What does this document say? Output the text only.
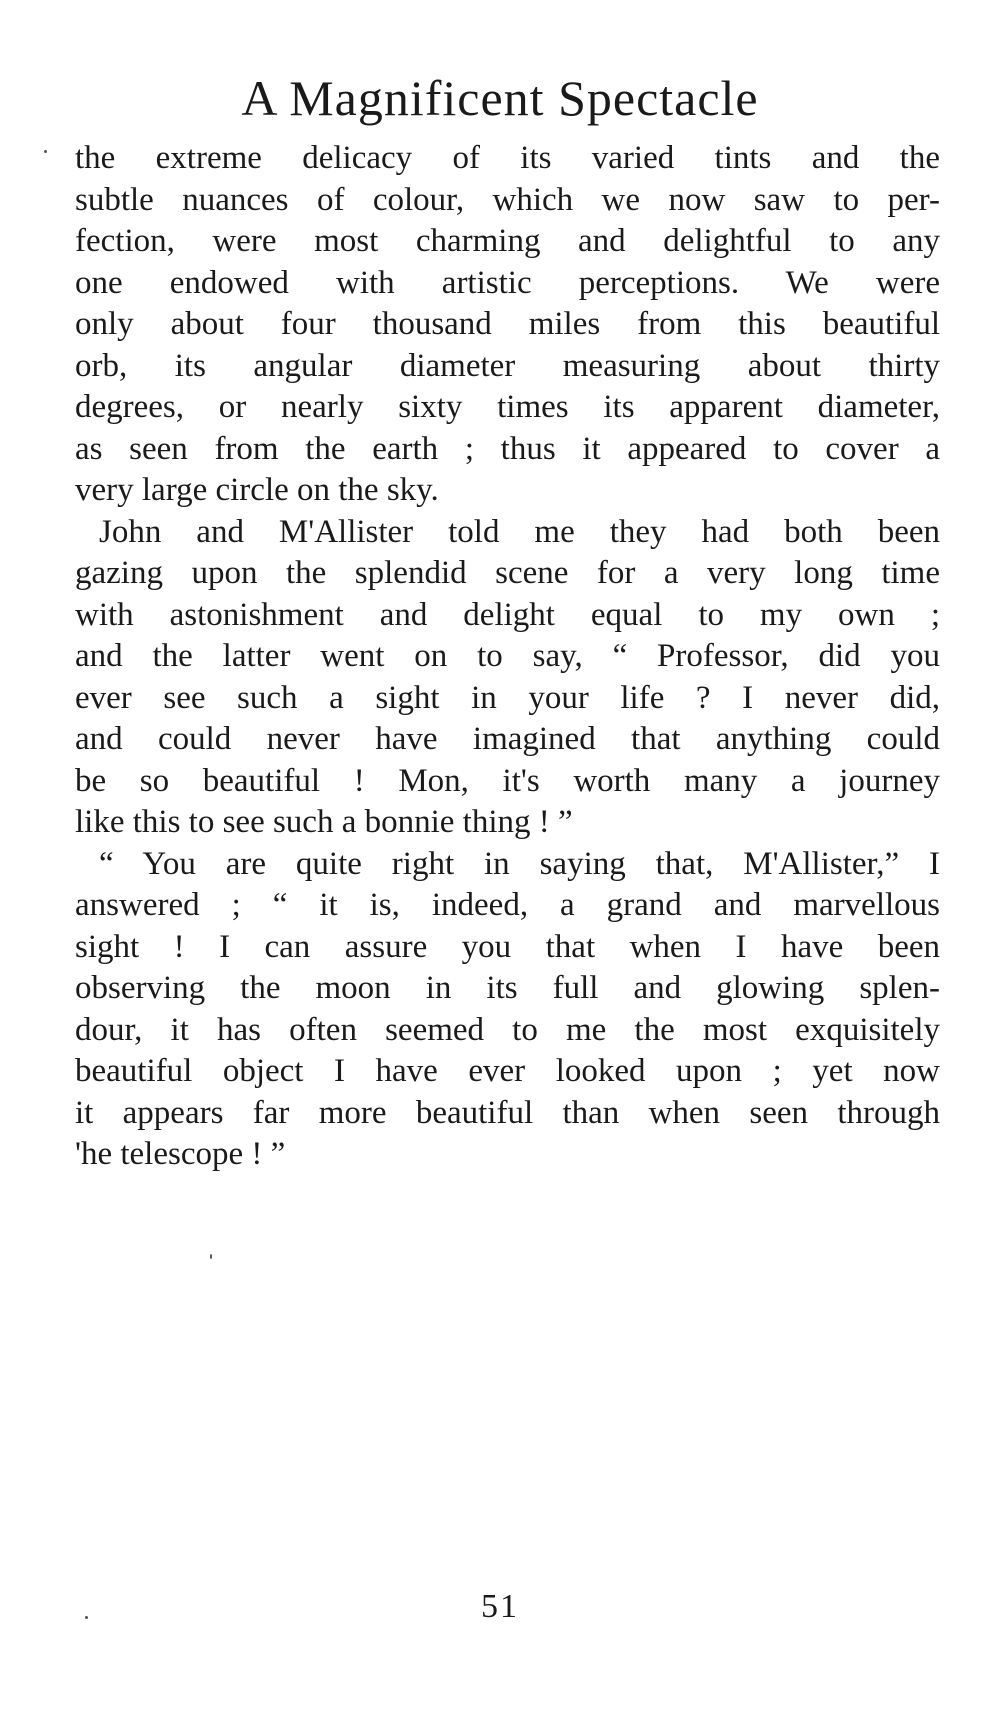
A Magnificent Spectacle
the extreme delicacy of its varied tints and the
subtle nuances of colour, which we now saw to per-
fection, were most charming and delightful to any
one endowed with artistic perceptions. We were
only about four thousand miles from this beautiful
orb, its angular diameter measuring about thirty
degrees, or nearly sixty times its apparent diameter,
as seen from the earth ; thus it appeared to cover a
very large circle on the sky.
John and M'Allister told me they had both been
gazing upon the splendid scene for a very long time
with astonishment and delight equal to my own ;
and the latter went on to say, “ Professor, did you
ever see such a sight in your life ? I never did,
and could never have imagined that anything could
be so beautiful ! Mon, it's worth many a journey
like this to see such a bonnie thing ! ”
“ You are quite right in saying that, M'Allister,” I
answered ; “ it is, indeed, a grand and marvellous
sight ! I can assure you that when I have been
observing the moon in its full and glowing splen-
dour, it has often seemed to me the most exquisitely
beautiful object I have ever looked upon ; yet now
it appears far more beautiful than when seen through
'he telescope ! ”
51
